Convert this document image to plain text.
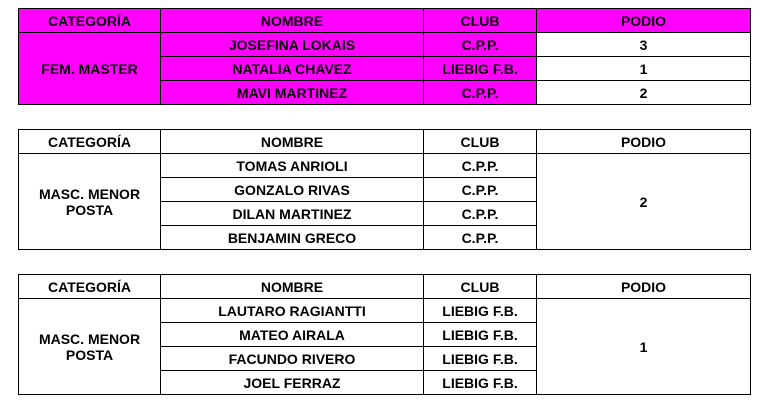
CATEGORÍA	NOMBRE	CLUB	PODIO
FEM. MASTER	JOSEFINA LOKAIS	C.P.P.	3
	NATALIA CHAVEZ	LIEBIG F.B.	1
	MAVI MARTINEZ	C.P.P.	2
CATEGORÍA	NOMBRE	CLUB	PODIO
MASC. MENOR
POSTA	TOMAS ANRIOLI	C.P.P.	2
	GONZALO RIVAS	C.P.P.	
	DILAN MARTINEZ	C.P.P.	
	BENJAMIN GRECO	C.P.P.	
CATEGORÍA	NOMBRE	CLUB	PODIO
MASC. MENOR
POSTA	LAUTARO RAGIANTTI	LIEBIG F.B.	1
	MATEO AIRALA	LIEBIG F.B.	
	FACUNDO RIVERO	LIEBIG F.B.	
	JOEL FERRAZ	LIEBIG F.B.	
